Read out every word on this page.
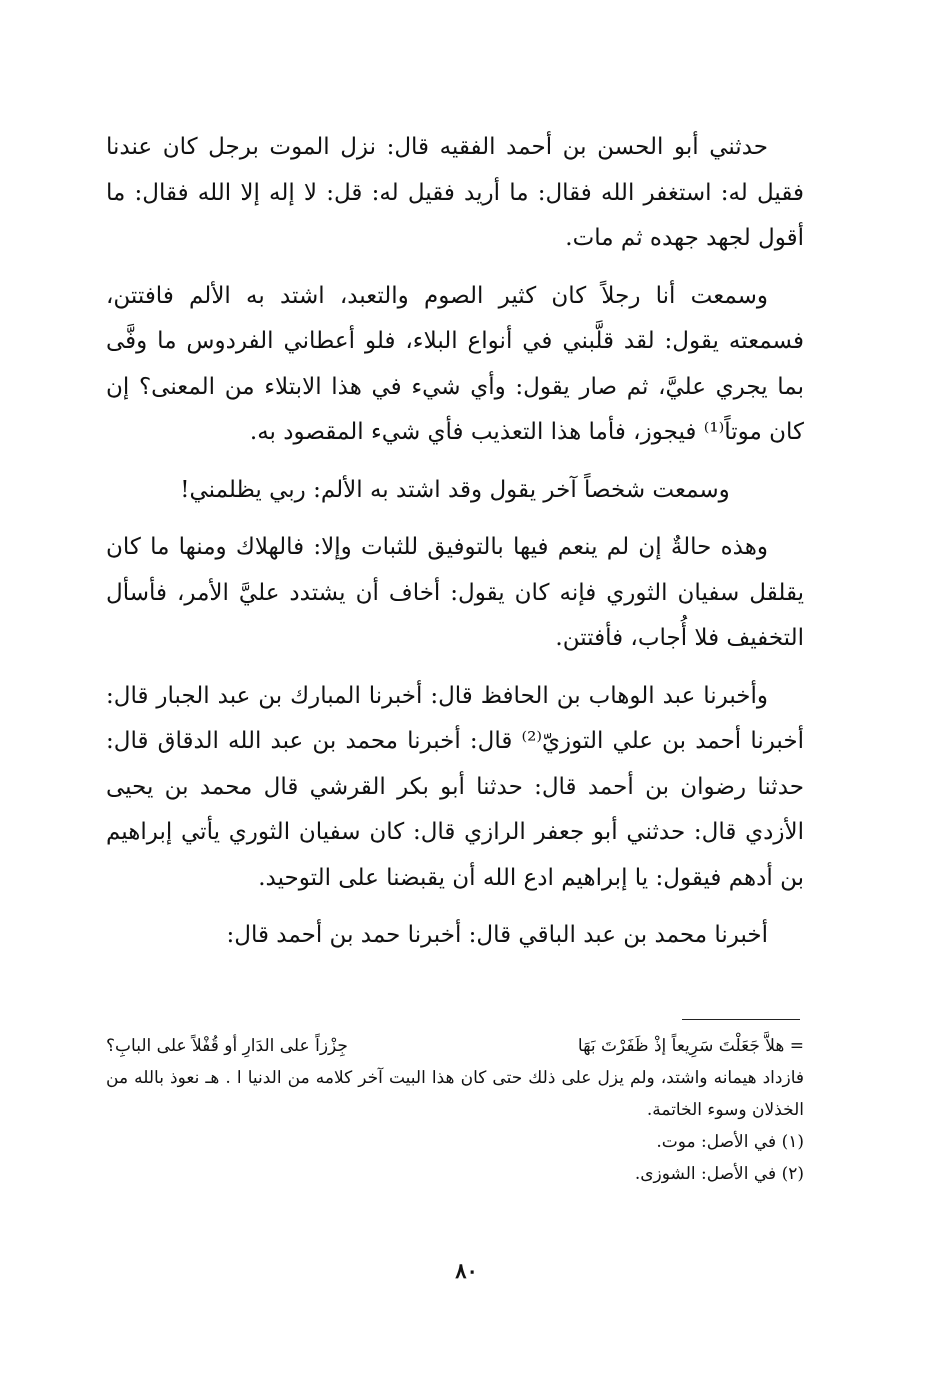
حدثني أبو الحسن بن أحمد الفقيه قال: نزل الموت برجل كان عندنا فقيل له: استغفر الله فقال: ما أريد فقيل له: قل: لا إله إلا الله فقال: ما أقول لجهد جهده ثم مات.

وسمعت أنا رجلاً كان كثير الصوم والتعبد، اشتد به الألم فافتتن، فسمعته يقول: لقد قلَّبني في أنواع البلاء، فلو أعطاني الفردوس ما وفَّى بما يجري عليَّ، ثم صار يقول: وأي شيء في هذا الابتلاء من المعنى؟ إن كان موتاً⁽¹⁾ فيجوز، فأما هذا التعذيب فأي شيء المقصود به.

وسمعت شخصاً آخر يقول وقد اشتد به الألم: ربي يظلمني!

وهذه حالةٌ إن لم ينعم فيها بالتوفيق للثبات وإلا: فالهلاك ومنها ما كان يقلقل سفيان الثوري فإنه كان يقول: أخاف أن يشتدد عليَّ الأمر، فأسأل التخفيف فلا أُجاب، فأفتتن.

وأخبرنا عبد الوهاب بن الحافظ قال: أخبرنا المبارك بن عبد الجبار قال: أخبرنا أحمد بن علي التوزيّ⁽²⁾ قال: أخبرنا محمد بن عبد الله الدقاق قال: حدثنا رضوان بن أحمد قال: حدثنا أبو بكر القرشي قال محمد بن يحيى الأزدي قال: حدثني أبو جعفر الرازي قال: كان سفيان الثوري يأتي إبراهيم بن أدهم فيقول: يا إبراهيم ادع الله أن يقبضنا على التوحيد.

أخبرنا محمد بن عبد الباقي قال: أخبرنا حمد بن أحمد قال:

= هلاَّ جَعَلْتَ سَرِيعاً إذْ ظَفَرْتَ بَهَا
جِزْزاً على الدَارِ أو قُفْلاً على البابِ؟

فازداد هيمانه واشتد، ولم يزل على ذلك حتى كان هذا البيت آخر كلامه من الدنيا ا . هـ نعوذ بالله من الخذلان وسوء الخاتمة.

(١) في الأصل: موت.

(٢) في الأصل: الشوزى.

٨٠
